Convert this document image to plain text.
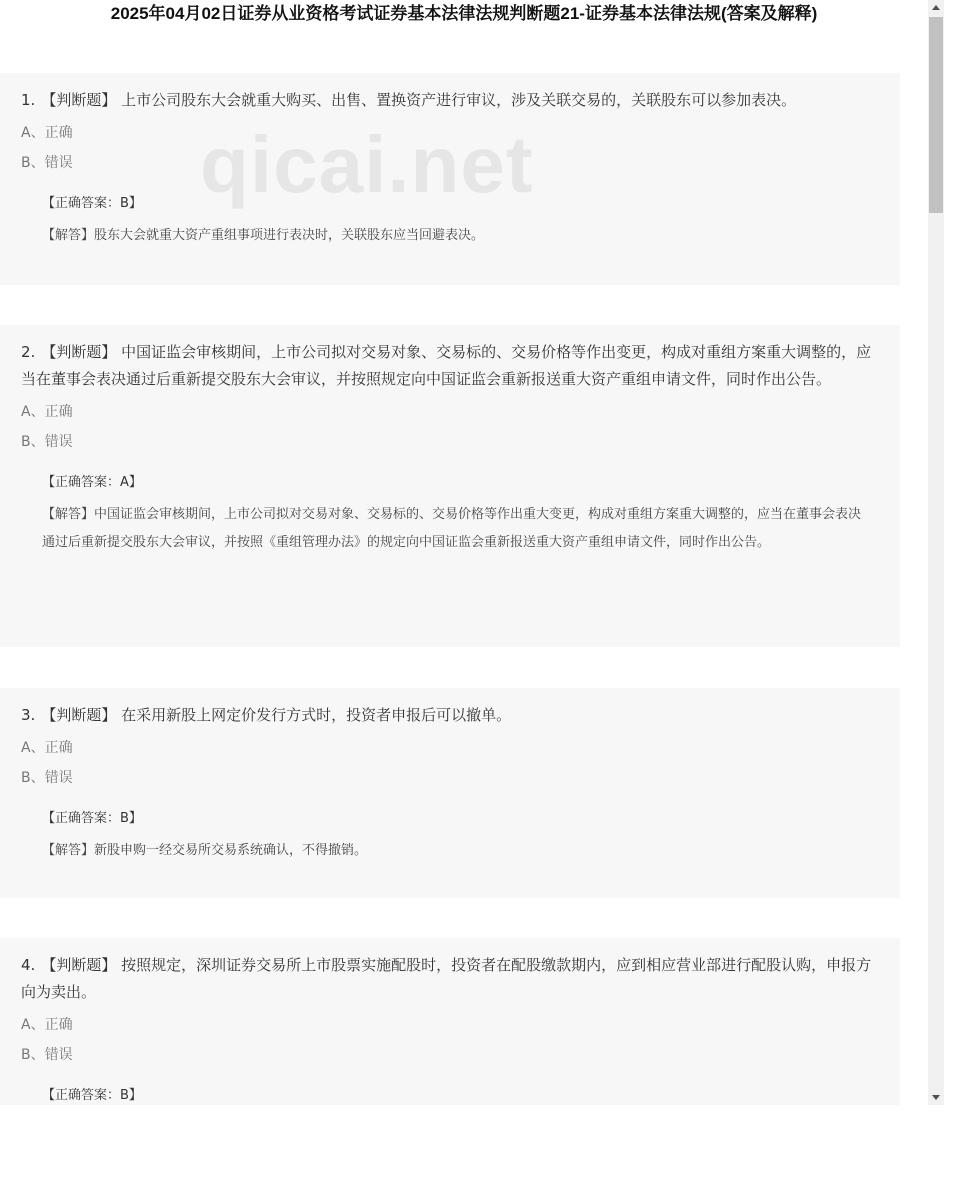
2025年04月02日证券从业资格考试证券基本法律法规判断题21-证券基本法律法规(答案及解释)

1. 【判断题】 上市公司股东大会就重大购买、出售、置换资产进行审议，涉及关联交易的，关联股东可以参加表决。

A、正确

B、错误

【正确答案：B】

【解答】股东大会就重大资产重组事项进行表决时，关联股东应当回避表决。

2. 【判断题】 中国证监会审核期间，上市公司拟对交易对象、交易标的、交易价格等作出变更，构成对重组方案重大调整的，应当在董事会表决通过后重新提交股东大会审议，并按照规定向中国证监会重新报送重大资产重组申请文件，同时作出公告。

A、正确

B、错误

【正确答案：A】

【解答】中国证监会审核期间，上市公司拟对交易对象、交易标的、交易价格等作出重大变更，构成对重组方案重大调整的，应当在董事会表决通过后重新提交股东大会审议，并按照《重组管理办法》的规定向中国证监会重新报送重大资产重组申请文件，同时作出公告。

3. 【判断题】 在采用新股上网定价发行方式时，投资者申报后可以撤单。

A、正确

B、错误

【正确答案：B】

【解答】新股申购一经交易所交易系统确认，不得撤销。

4. 【判断题】 按照规定，深圳证券交易所上市股票实施配股时，投资者在配股缴款期内，应到相应营业部进行配股认购，申报方向为卖出。

A、正确

B、错误

【正确答案：B】

qicai.net
